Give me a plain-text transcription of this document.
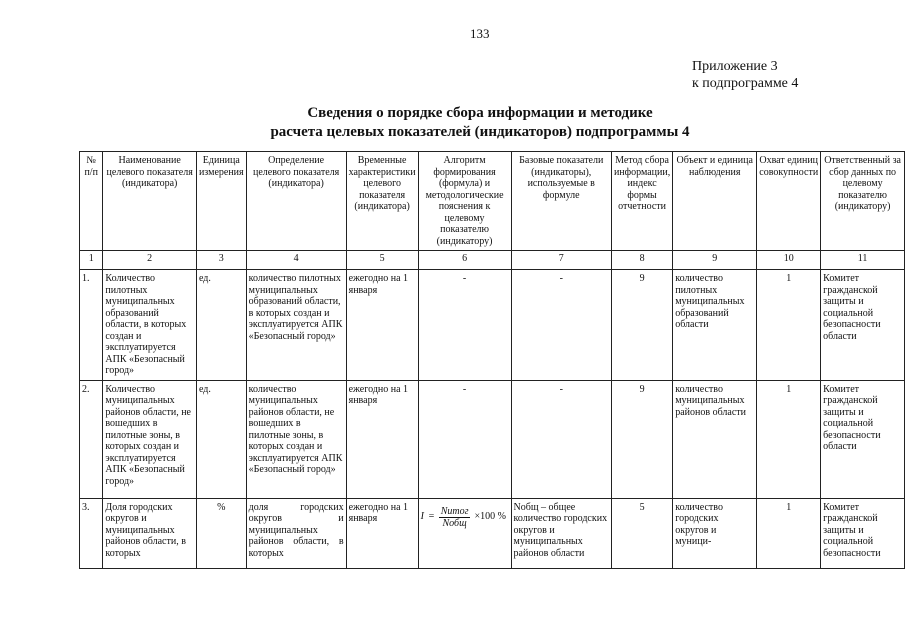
133
Приложение 3
к подпрограмме 4
Сведения о порядке сбора информации и методике
расчета целевых показателей (индикаторов) подпрограммы 4
№ п/п	Наименование целевого показателя (индикатора)	Единица измерения	Определение целевого показателя (индикатора)	Временные характеристики целевого показателя (индикатора)	Алгоритм формирования (формула) и методологические пояснения к целевому показателю (индикатору)	Базовые показатели (индикаторы), используемые в формуле	Метод сбора информации, индекс формы отчетности	Объект и единица наблюдения	Охват единиц совокупности	Ответственный за сбор данных по целевому показателю (индикатору)
1	2	3	4	5	6	7	8	9	10	11
1.	Количество пилотных муниципальных образований области, в которых создан и эксплуатируется АПК «Безопасный город»	ед.	количество пилотных муниципальных образований области, в которых создан и эксплуатируется АПК «Безопасный город»	ежегодно на 1 января	-	-	9	количество пилотных муниципальных образований области	1	Комитет гражданской защиты и социальной безопасности области
2.	Количество муниципальных районов области, не вошедших в пилотные зоны, в которых создан и эксплуатируется АПК «Безопасный город»	ед.	количество муниципальных районов области, не вошедших в пилотные зоны, в которых создан и эксплуатируется АПК «Безопасный город»	ежегодно на 1 января	-	-	9	количество муниципальных районов области	1	Комитет гражданской защиты и социальной безопасности области
3.	Доля городских округов и муниципальных районов области, в которых	%	доля городских округов и муниципальных районов области, в которых	ежегодно на 1 января	$I = \frac{\text{Nитог}}{\text{Nобщ}} \times 100$ %	Nобщ – общее количество городских округов и муниципальных районов области	5	количество городских округов и муници-	1	Комитет гражданской защиты и социальной безопасности
